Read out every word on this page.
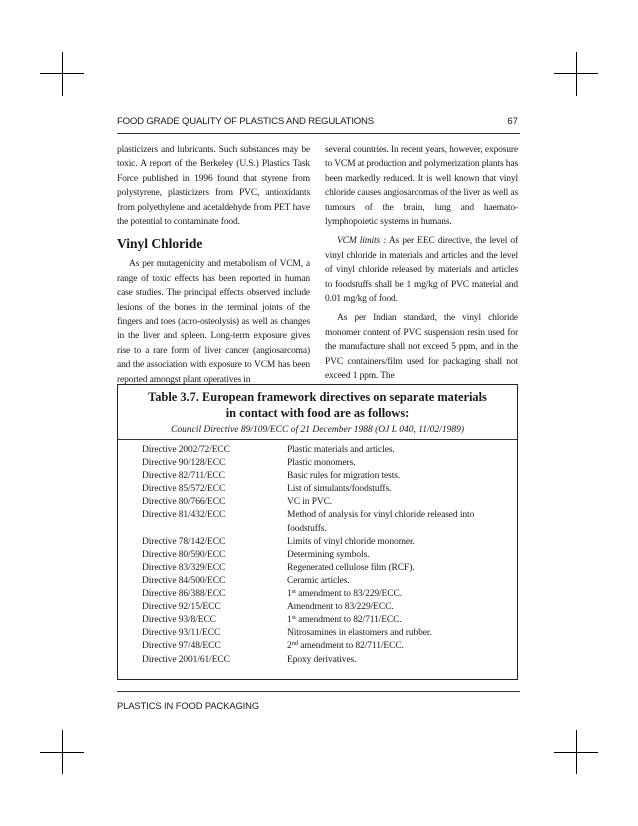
FOOD GRADE QUALITY OF PLASTICS AND REGULATIONS	67

plasticizers and lubricants. Such substances may be toxic. A report of the Berkeley (U.S.) Plastics Task Force published in 1996 found that styrene from polystyrene, plasticizers from PVC, antioxidants from polyethylene and acetaldehyde from PET have the potential to contaminate food.

Vinyl Chloride

As per mutagenicity and metabolism of VCM, a range of toxic effects has been reported in human case studies. The principal effects observed include lesions of the bones in the terminal joints of the fingers and toes (acro-osteolysis) as well as changes in the liver and spleen. Long-term exposure gives rise to a rare form of liver cancer (angiosarcoma) and the association with exposure to VCM has been reported amongst plant operatives in

several countries. In recent years, however, exposure to VCM at production and polymerization plants has been markedly reduced. It is well known that vinyl chloride causes angiosarcomas of the liver as well as tumours of the brain, lung and haemato-lymphopoietic systems in humans.

VCM limits : As per EEC directive, the level of vinyl chloride in materials and articles and the level of vinyl chloride released by materials and articles to foodstuffs shall be 1 mg/kg of PVC material and 0.01 mg/kg of food.

As per Indian standard, the vinyl chloride monomer content of PVC suspension resin used for the manufacture shall not exceed 5 ppm, and in the PVC containers/film used for packaging shall not exceed 1 ppm. The

Table 3.7. European framework directives on separate materials
in contact with food are as follows:
Council Directive 89/109/ECC of 21 December 1988 (OJ L 040, 11/02/1989)
Directive 2002/72/ECC	Plastic materials and articles.
Directive 90/128/ECC	Plastic monomers.
Directive 82/711/ECC	Basic rules for migration tests.
Directive 85/572/ECC	List of simulants/foodstuffs.
Directive 80/766/ECC	VC in PVC.
Directive 81/432/ECC	Method of analysis for vinyl chloride released into foodstuffs.
Directive 78/142/ECC	Limits of vinyl chloride monomer.
Directive 80/590/ECC	Determining symbols.
Directive 83/329/ECC	Regenerated cellulose film (RCF).
Directive 84/500/ECC	Ceramic articles.
Directive 86/388/ECC	1st amendment to 83/229/ECC.
Directive 92/15/ECC	Amendment to 83/229/ECC.
Directive 93/8/ECC	1st amendment to 82/711/ECC.
Directive 93/11/ECC	Nitrosamines in elastomers and rubber.
Directive 97/48/ECC	2nd amendment to 82/711/ECC.
Directive 2001/61/ECC	Epoxy derivatives.
PLASTICS IN FOOD PACKAGING
